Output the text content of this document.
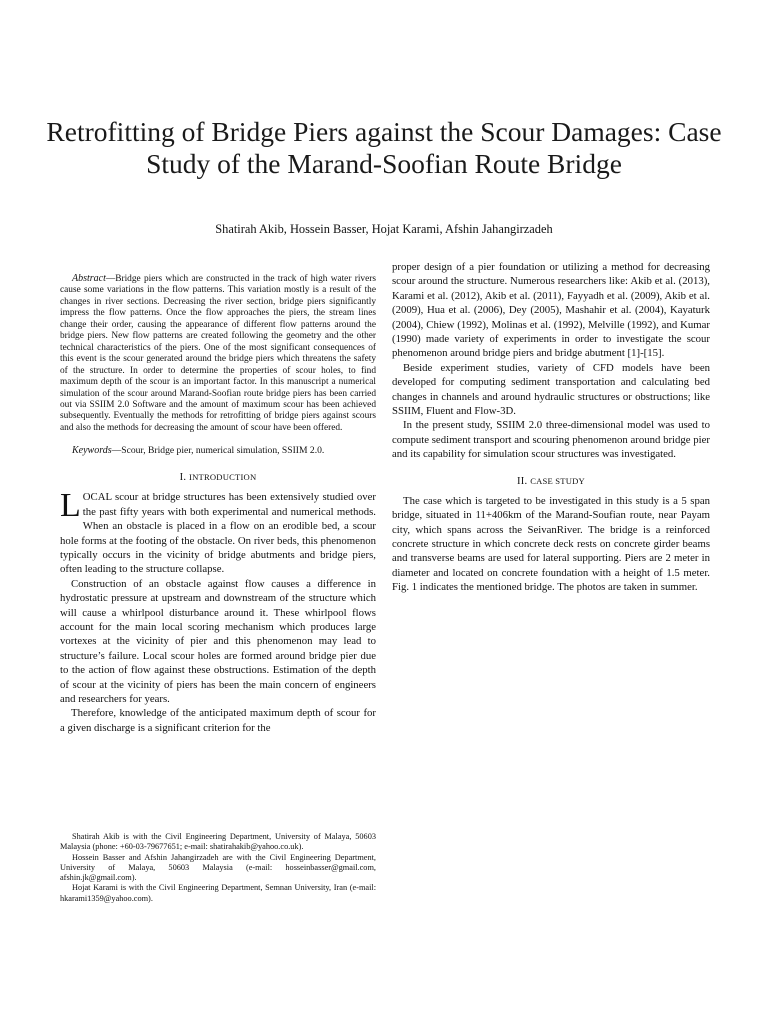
Retrofitting of Bridge Piers against the Scour Damages: Case Study of the Marand-Soofian Route Bridge

Shatirah Akib, Hossein Basser, Hojat Karami, Afshin Jahangirzadeh

Abstract—Bridge piers which are constructed in the track of high water rivers cause some variations in the flow patterns. This variation mostly is a result of the changes in river sections. Decreasing the river section, bridge piers significantly impress the flow patterns. Once the flow approaches the piers, the stream lines change their order, causing the appearance of different flow patterns around the bridge piers. New flow patterns are created following the geometry and the other technical characteristics of the piers. One of the most significant consequences of this event is the scour generated around the bridge piers which threatens the safety of the structure. In order to determine the properties of scour holes, to find maximum depth of the scour is an important factor. In this manuscript a numerical simulation of the scour around Marand-Soofian route bridge piers has been carried out via SSIIM 2.0 Software and the amount of maximum scour has been achieved subsequently. Eventually the methods for retrofitting of bridge piers against scours and also the methods for decreasing the amount of scour have been offered.

Keywords—Scour, Bridge pier, numerical simulation, SSIIM 2.0.

I. INTRODUCTION

LOCAL scour at bridge structures has been extensively studied over the past fifty years with both experimental and numerical methods. When an obstacle is placed in a flow on an erodible bed, a scour hole forms at the footing of the obstacle. On river beds, this phenomenon typically occurs in the vicinity of bridge abutments and bridge piers, often leading to the structure collapse.

Construction of an obstacle against flow causes a difference in hydrostatic pressure at upstream and downstream of the structure which will cause a whirlpool disturbance around it. These whirlpool flows account for the main local scoring mechanism which produces large vortexes at the vicinity of pier and this phenomenon may lead to structure’s failure. Local scour holes are formed around bridge pier due to the action of flow against these obstructions. Estimation of the depth of scour at the vicinity of piers has been the main concern of engineers and researchers for years.

Therefore, knowledge of the anticipated maximum depth of scour for a given discharge is a significant criterion for the

Shatirah Akib is with the Civil Engineering Department, University of Malaya, 50603 Malaysia (phone: +60-03-79677651; e-mail: shatirahakib@yahoo.co.uk).

Hossein Basser and Afshin Jahangirzadeh are with the Civil Engineering Department, University of Malaya, 50603 Malaysia (e-mail: hosseinbasser@gmail.com, afshin.jk@gmail.com).

Hojat Karami is with the Civil Engineering Department, Semnan University, Iran (e-mail: hkarami1359@yahoo.com).

proper design of a pier foundation or utilizing a method for decreasing scour around the structure. Numerous researchers like: Akib et al. (2013), Karami et al. (2012), Akib et al. (2011), Fayyadh et al. (2009), Akib et al. (2009), Hua et al. (2006), Dey (2005), Mashahir et al. (2004), Kayaturk (2004), Chiew (1992), Molinas et al. (1992), Melville (1992), and Kumar (1990) made variety of experiments in order to investigate the scour phenomenon around bridge piers and bridge abutment [1]-[15].

Beside experiment studies, variety of CFD models have been developed for computing sediment transportation and calculating bed changes in channels and around hydraulic structures or obstructions; like SSIIM, Fluent and Flow-3D.

In the present study, SSIIM 2.0 three-dimensional model was used to compute sediment transport and scouring phenomenon around bridge pier and its capability for simulation scour structures was investigated.

II. CASE STUDY

The case which is targeted to be investigated in this study is a 5 span bridge, situated in 11+406km of the Marand-Soufian route, near Payam city, which spans across the SeivanRiver. The bridge is a reinforced concrete structure in which concrete deck rests on concrete girder beams and transverse beams are used for lateral supporting. Piers are 2 meter in diameter and located on concrete foundation with a height of 1.5 meter. Fig. 1 indicates the mentioned bridge. The photos are taken in summer.
